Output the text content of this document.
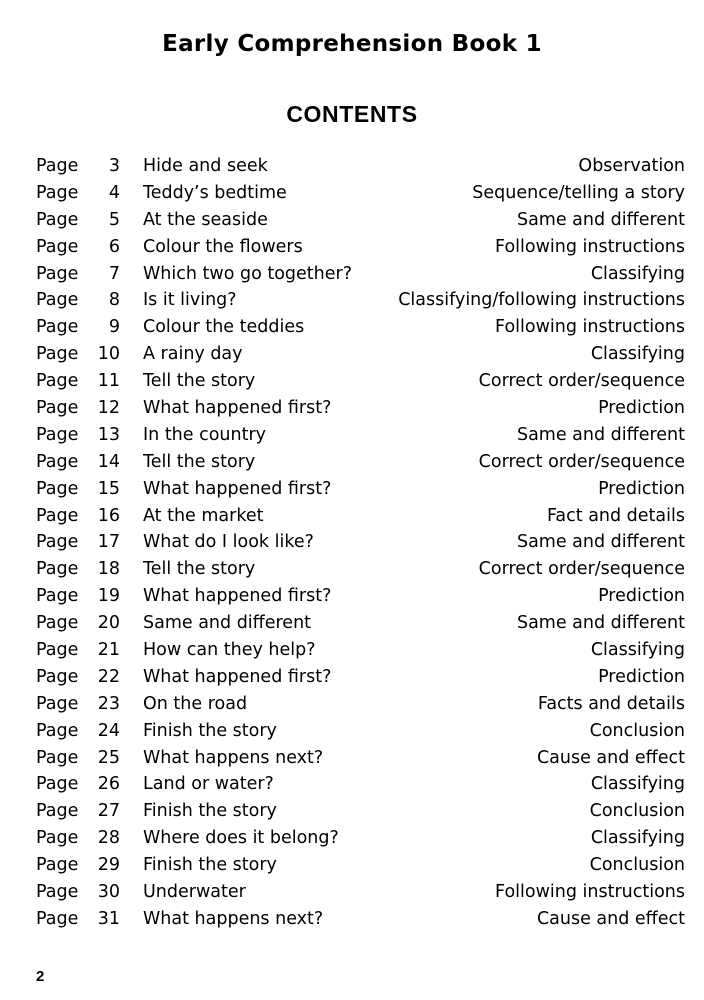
Early Comprehension Book 1
CONTENTS
Page	3 Hide and seek .....	Observation
Page	4 Teddy’s bedtime .....	Sequence/telling a story
Page	5 At the seaside .....	Same and different
Page	6 Colour the flowers .....	Following instructions
Page	7 Which two go together? .....	Classifying
Page	8 Is it living? .....	Classifying/following instructions
Page	9 Colour the teddies .....	Following instructions
Page	10 A rainy day .....	Classifying
Page	11 Tell the story .....	Correct order/sequence
Page	12 What happened first? .....	Prediction
Page	13 In the country .....	Same and different
Page	14 Tell the story .....	Correct order/sequence
Page	15 What happened first? .....	Prediction
Page	16 At the market .....	Fact and details
Page	17 What do I look like? .....	Same and different
Page	18 Tell the story .....	Correct order/sequence
Page	19 What happened first? .....	Prediction
Page	20 Same and different .....	Same and different
Page	21 How can they help? .....	Classifying
Page	22 What happened first? .....	Prediction
Page	23 On the road .....	Facts and details
Page	24 Finish the story .....	Conclusion
Page	25 What happens next? .....	Cause and effect
Page	26 Land or water? .....	Classifying
Page	27 Finish the story .....	Conclusion
Page	28 Where does it belong? .....	Classifying
Page	29 Finish the story .....	Conclusion
Page	30 Underwater .....	Following instructions
Page	31 What happens next? .....	Cause and effect
2
